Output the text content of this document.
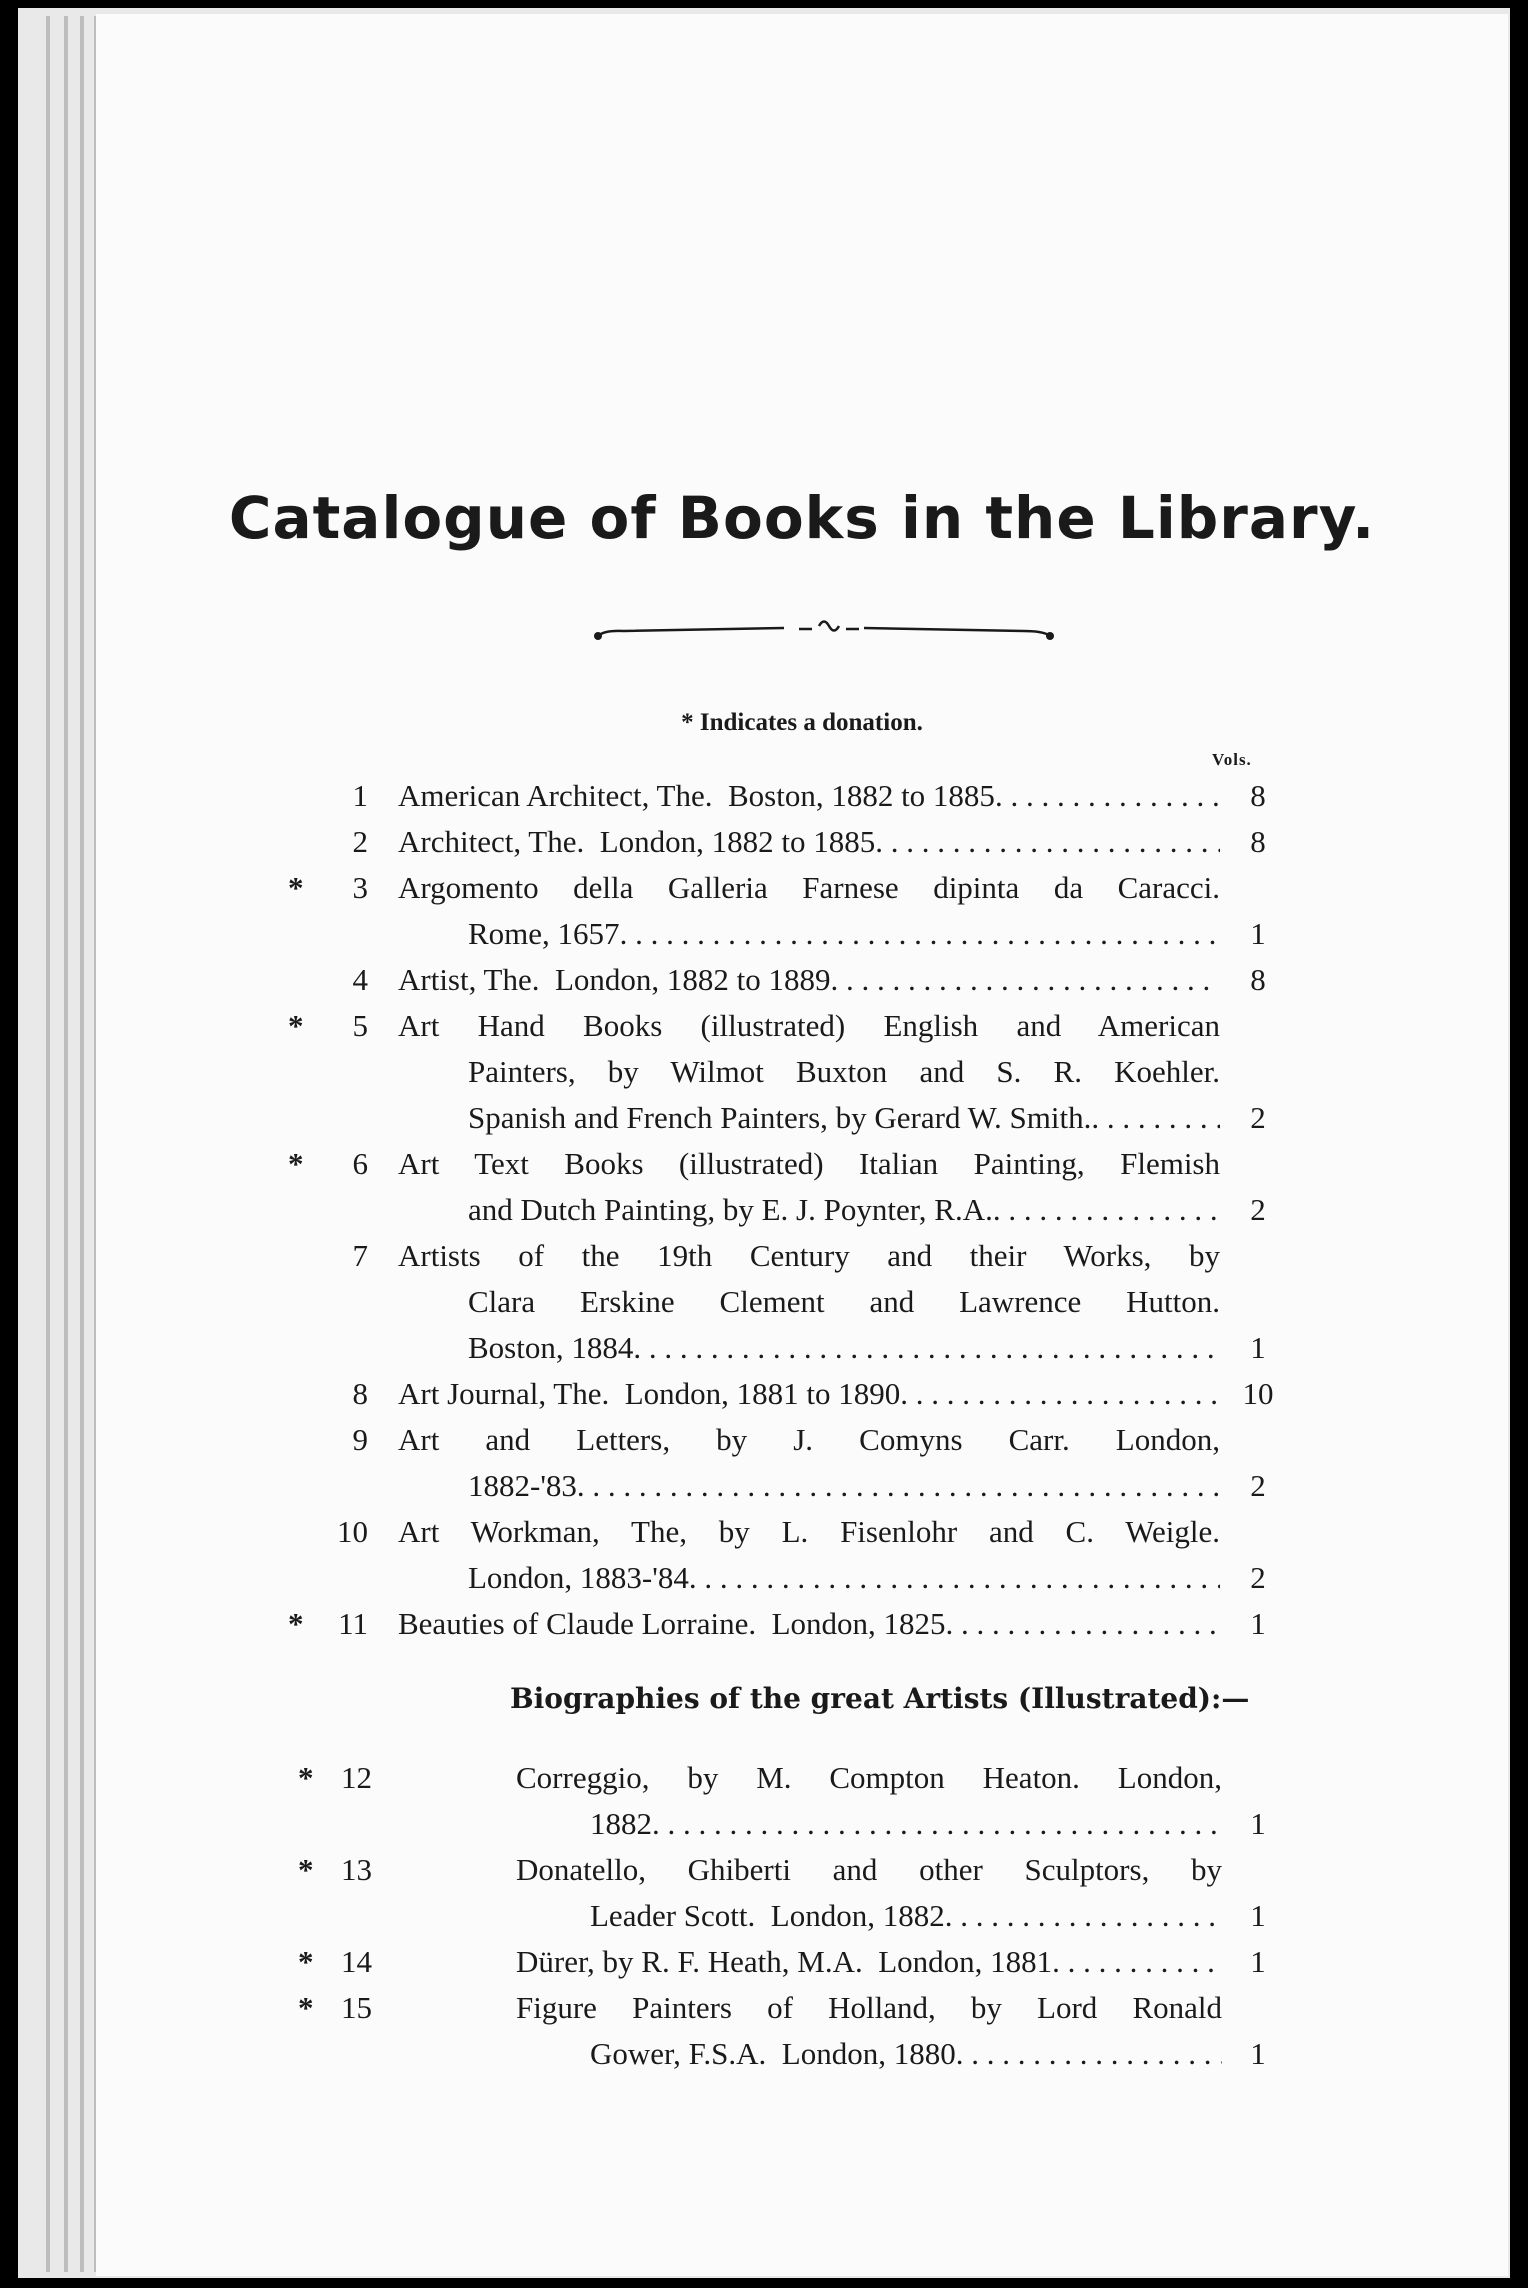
Catalogue of Books in the Library.
* Indicates a donation.
Vols.
1 American Architect, The.  Boston, 1882 to 1885 . . .	8
2 Architect, The.  London, 1882 to 1885 . . .	8
*	3 Argomento della Galleria Farnese dipinta da Caracci.
Rome, 1657 . . .	1
4 Artist, The.  London, 1882 to 1889 . . .	8
*	5 Art Hand Books (illustrated) English and American
Painters, by Wilmot Buxton and S. R. Koehler.
Spanish and French Painters, by Gerard W. Smith. . . .	2
*	6 Art Text Books (illustrated) Italian Painting, Flemish
and Dutch Painting, by E. J. Poynter, R.A. . . .	2
7 Artists of the 19th Century and their Works, by
Clara Erskine Clement and Lawrence Hutton.
Boston, 1884 . . .	1
8 Art Journal, The.  London, 1881 to 1890 . . .	10
9 Art and Letters, by J. Comyns Carr. London,
1882-'83 . . .	2
10 Art Workman, The, by L. Fisenlohr and C. Weigle.
London, 1883-'84 . . .	2
*	11 Beauties of Claude Lorraine.  London, 1825 . . .	1
* 12	Correggio, by M. Compton Heaton. London,
1882 . . .	1
* 13	Donatello, Ghiberti and other Sculptors, by
Leader Scott.  London, 1882 . . .	1
* 14	Dürer, by R. F. Heath, M.A.  London, 1881 . . .	1
* 15	Figure Painters of Holland, by Lord Ronald
Gower, F.S.A.  London, 1880 . . .	1
Biographies of the great Artists (Illustrated):—
